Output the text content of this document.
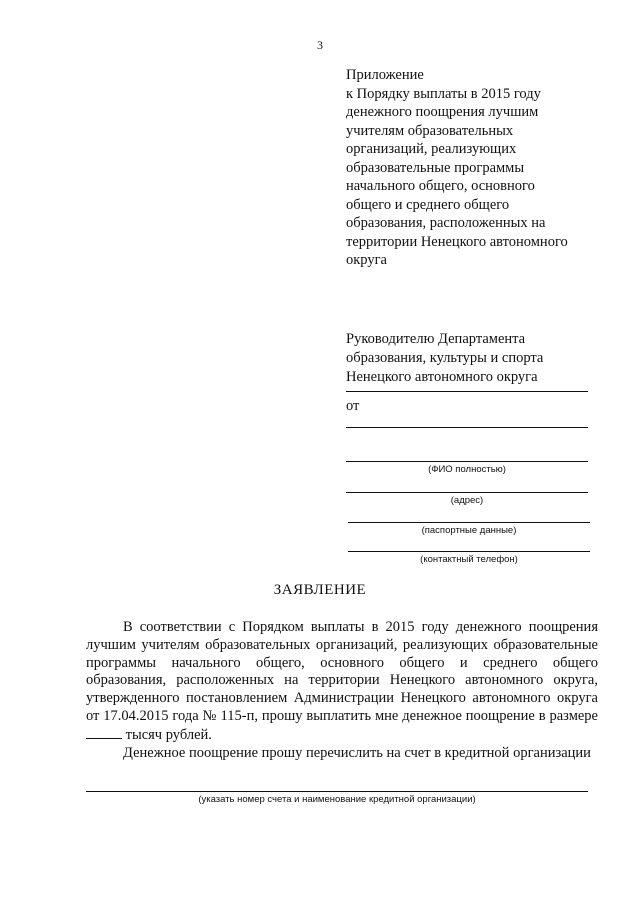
3
Приложение
к Порядку выплаты в 2015 году
денежного поощрения лучшим
учителям образовательных
организаций, реализующих
образовательные программы
начального общего, основного
общего и среднего общего
образования, расположенных на
территории Ненецкого автономного
округа
Руководителю Департамента
образования, культуры и спорта
Ненецкого автономного округа
от
(ФИО полностью)
(адрес)
(паспортные данные)
(контактный телефон)
ЗАЯВЛЕНИЕ

В соответствии с Порядком выплаты в 2015 году денежного поощрения лучшим учителям образовательных организаций, реализующих образовательные программы начального общего, основного общего и среднего общего образования, расположенных на территории Ненецкого автономного округа, утвержденного постановлением Администрации Ненецкого автономного округа от 17.04.2015 года № 115-п, прошу выплатить мне денежное поощрение в размере  тысяч рублей.

Денежное поощрение прошу перечислить на счет в кредитной организации

(указать номер счета и наименование кредитной организации)
